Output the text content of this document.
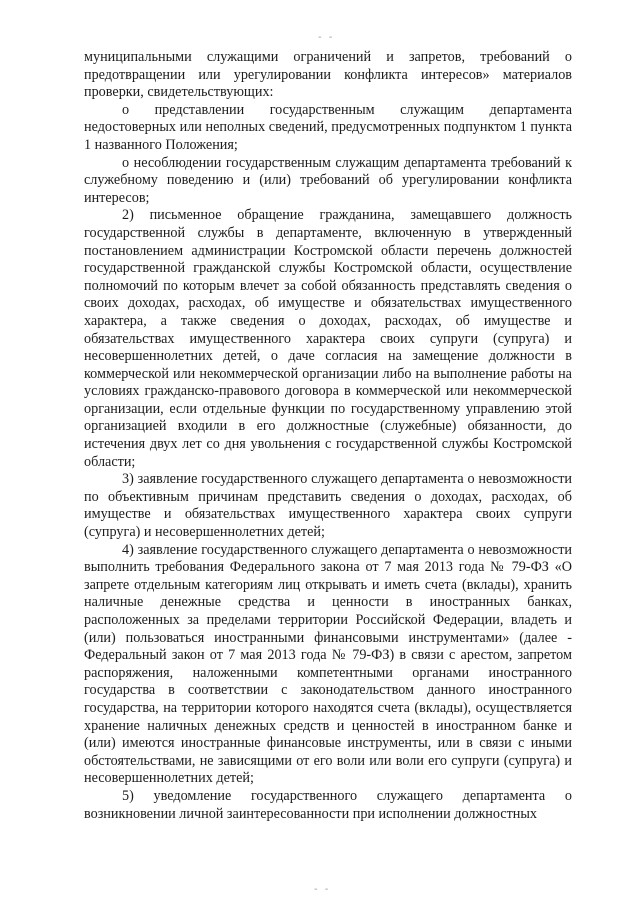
- -

муниципальными служащими ограничений и запретов, требований о предотвращении или урегулировании конфликта интересов» материалов проверки, свидетельствующих:

о представлении государственным служащим департамента недостоверных или неполных сведений, предусмотренных подпунктом 1 пункта 1 названного Положения;

о несоблюдении государственным служащим департамента требований к служебному поведению и (или) требований об урегулировании конфликта интересов;

2) письменное обращение гражданина, замещавшего должность государственной службы в департаменте, включенную в утвержденный постановлением администрации Костромской области перечень должностей государственной гражданской службы Костромской области, осуществление полномочий по которым влечет за собой обязанность представлять сведения о своих доходах, расходах, об имуществе и обязательствах имущественного характера, а также сведения о доходах, расходах, об имуществе и обязательствах имущественного характера своих супруги (супруга) и несовершеннолетних детей, о даче согласия на замещение должности в коммерческой или некоммерческой организации либо на выполнение работы на условиях гражданско-правового договора в коммерческой или некоммерческой организации, если отдельные функции по государственному управлению этой организацией входили в его должностные (служебные) обязанности, до истечения двух лет со дня увольнения с государственной службы Костромской области;

3) заявление государственного служащего департамента о невозможности по объективным причинам представить сведения о доходах, расходах, об имуществе и обязательствах имущественного характера своих супруги (супруга) и несовершеннолетних детей;

4) заявление государственного служащего департамента о невозможности выполнить требования Федерального закона от 7 мая 2013 года № 79-ФЗ «О запрете отдельным категориям лиц открывать и иметь счета (вклады), хранить наличные денежные средства и ценности в иностранных банках, расположенных за пределами территории Российской Федерации, владеть и (или) пользоваться иностранными финансовыми инструментами» (далее - Федеральный закон от 7 мая 2013 года № 79-ФЗ) в связи с арестом, запретом распоряжения, наложенными компетентными органами иностранного государства в соответствии с законодательством данного иностранного государства, на территории которого находятся счета (вклады), осуществляется хранение наличных денежных средств и ценностей в иностранном банке и (или) имеются иностранные финансовые инструменты, или в связи с иными обстоятельствами, не зависящими от его воли или воли его супруги (супруга) и несовершеннолетних детей;

5) уведомление государственного служащего департамента о возникновении личной заинтересованности при исполнении должностных

- -
